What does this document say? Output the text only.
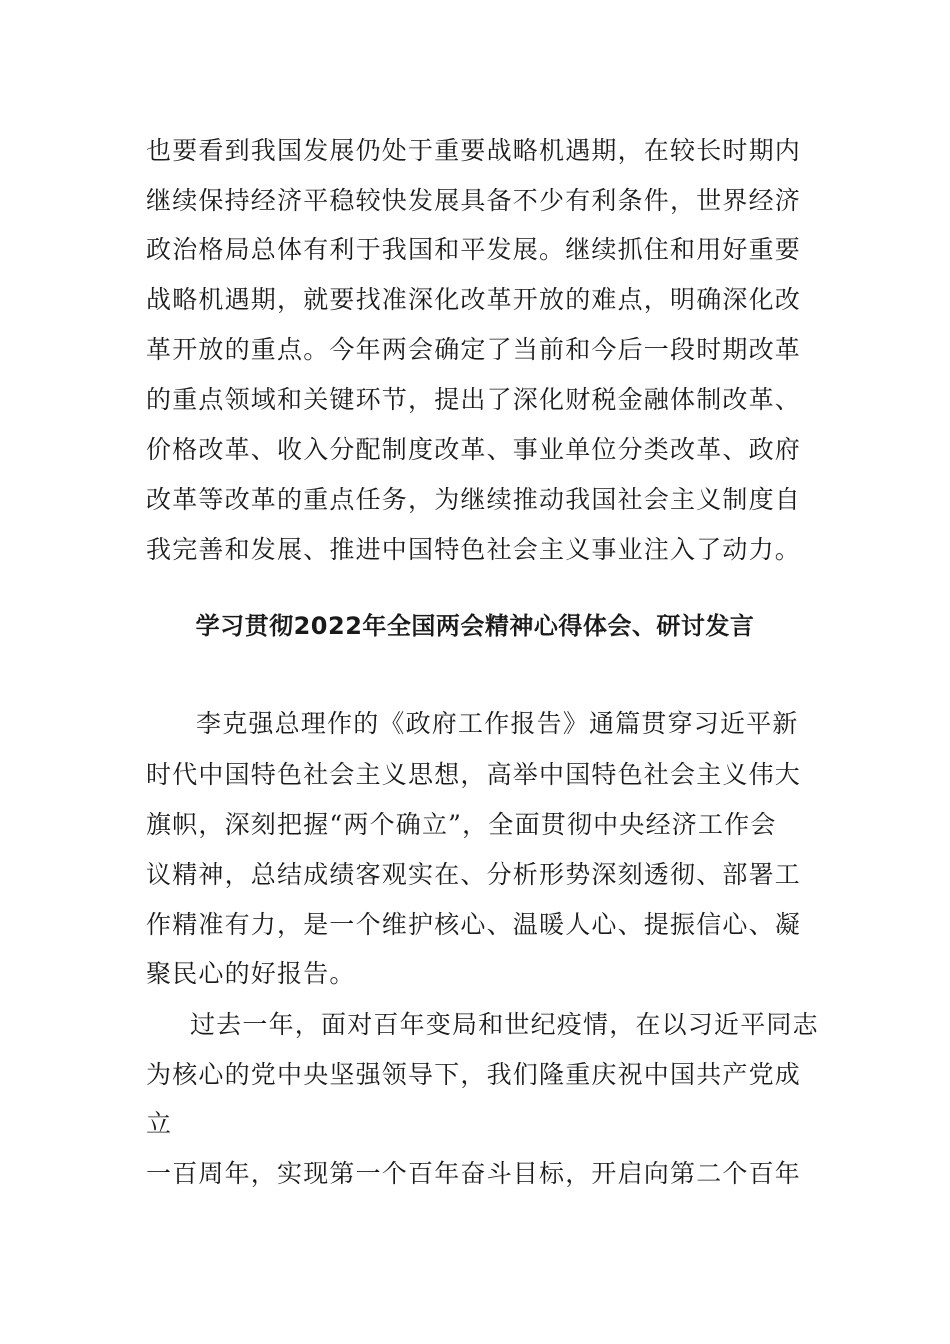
也要看到我国发展仍处于重要战略机遇期，在较长时期内
继续保持经济平稳较快发展具备不少有利条件，世界经济
政治格局总体有利于我国和平发展。继续抓住和用好重要
战略机遇期，就要找准深化改革开放的难点，明确深化改
革开放的重点。今年两会确定了当前和今后一段时期改革
的重点领域和关键环节，提出了深化财税金融体制改革、
价格改革、收入分配制度改革、事业单位分类改革、政府
改革等改革的重点任务，为继续推动我国社会主义制度自
我完善和发展、推进中国特色社会主义事业注入了动力。
学习贯彻2022年全国两会精神心得体会、研讨发言
李克强总理作的《政府工作报告》通篇贯穿习近平新
时代中国特色社会主义思想，高举中国特色社会主义伟大
旗帜，深刻把握“两个确立”，全面贯彻中央经济工作会
议精神，总结成绩客观实在、分析形势深刻透彻、部署工
作精准有力，是一个维护核心、温暖人心、提振信心、凝
聚民心的好报告。
过去一年，面对百年变局和世纪疫情，在以习近平同志
为核心的党中央坚强领导下，我们隆重庆祝中国共产党成
立
一百周年，实现第一个百年奋斗目标，开启向第二个百年
